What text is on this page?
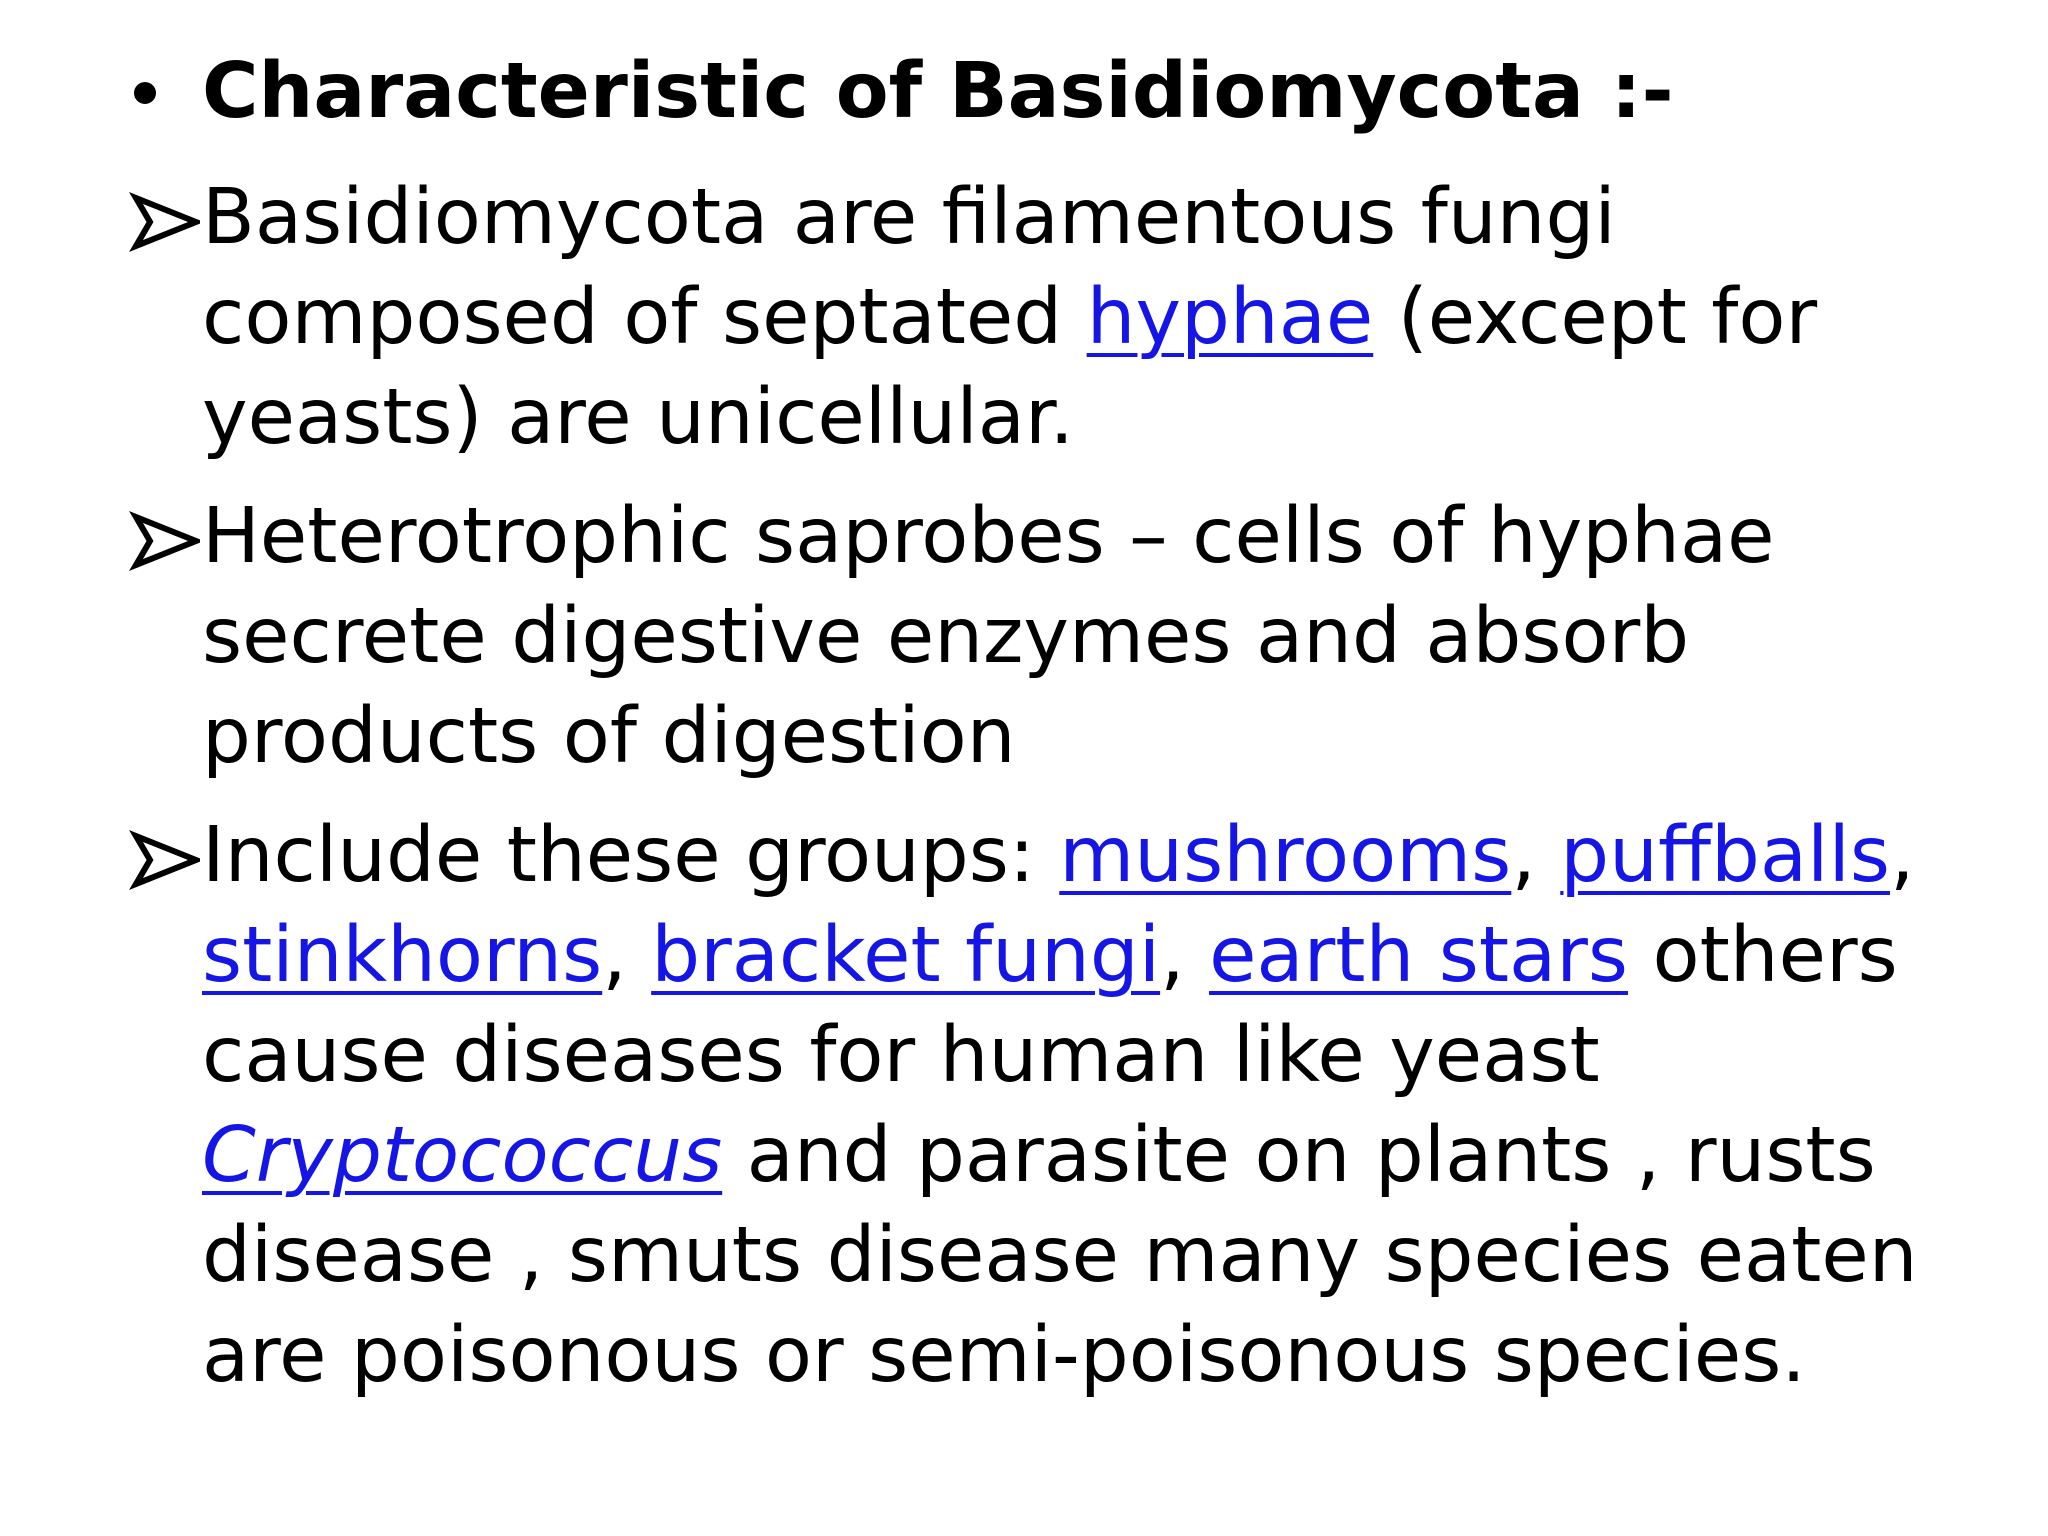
Characteristic of Basidiomycota :-
Basidiomycota are filamentous fungi
composed of septated hyphae (except for
yeasts) are unicellular.
Heterotrophic saprobes – cells of hyphae
secrete digestive enzymes and absorb
products of digestion
Include these groups: mushrooms, puffballs,
stinkhorns, bracket fungi, earth stars others
cause diseases for human like yeast
Cryptococcus and parasite on plants , rusts
disease , smuts disease many species eaten
are poisonous or semi-poisonous species.
